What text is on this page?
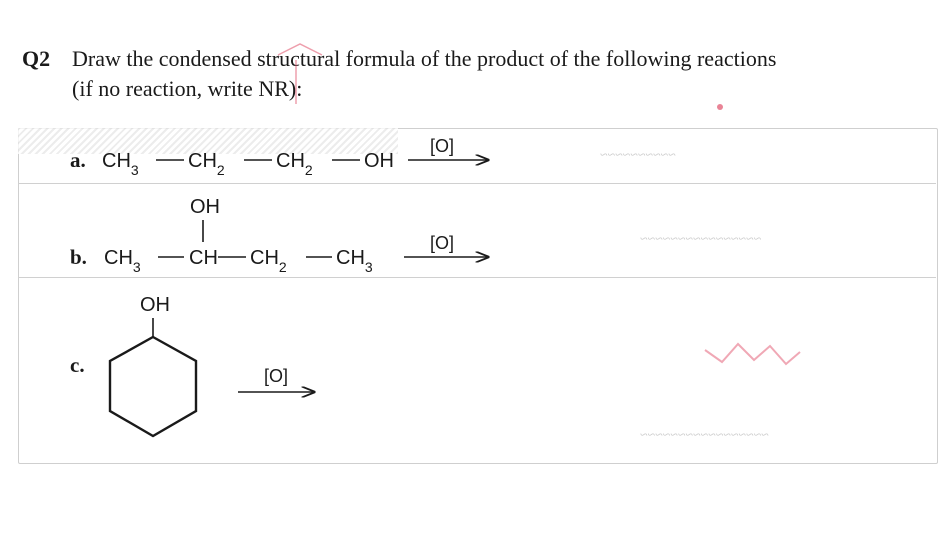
Q2 Draw the condensed structural formula of the product of the following reactions
(if no reaction, write NR):
~~~~~~~~~~
~~~~~~~~~~~~~~~~
~~~~~~~~~~~~~~~~~
a. $CH_3$ $CH_2$	$CH_2$	OH
[O]
OH
b. $CH_3$ CH $CH_2$ $CH_3$
[O]
OH
c.	[O]
